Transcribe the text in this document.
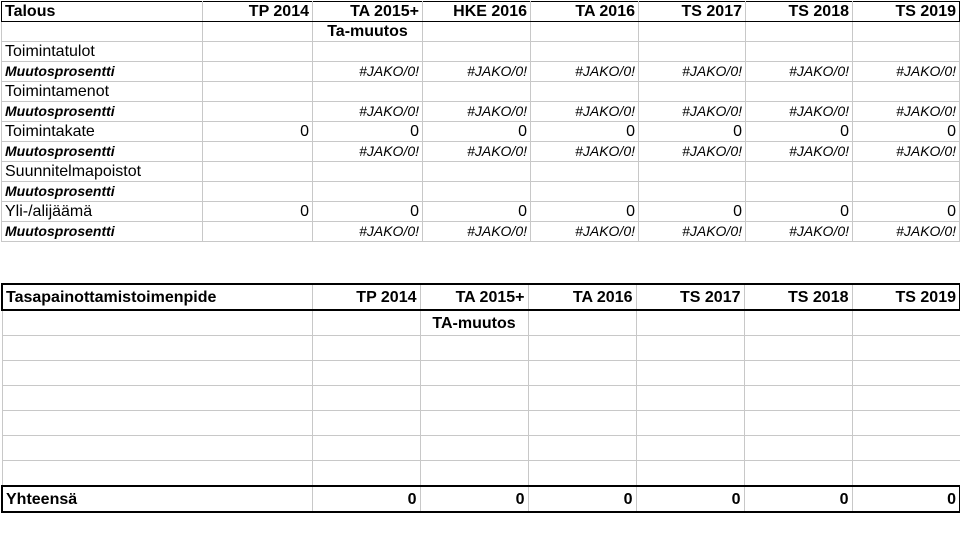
Talous	TP 2014	TA 2015+	HKE 2016	TA 2016	TS 2017	TS 2018	TS 2019
		Ta-muutos					
Toimintatulot							
Muutosprosentti		#JAKO/0!	#JAKO/0!	#JAKO/0!	#JAKO/0!	#JAKO/0!	#JAKO/0!
Toimintamenot							
Muutosprosentti		#JAKO/0!	#JAKO/0!	#JAKO/0!	#JAKO/0!	#JAKO/0!	#JAKO/0!
Toimintakate	0	0	0	0	0	0	0
Muutosprosentti		#JAKO/0!	#JAKO/0!	#JAKO/0!	#JAKO/0!	#JAKO/0!	#JAKO/0!
Suunnitelmapoistot							
Muutosprosentti							
Yli-/alijäämä	0	0	0	0	0	0	0
Muutosprosentti		#JAKO/0!	#JAKO/0!	#JAKO/0!	#JAKO/0!	#JAKO/0!	#JAKO/0!
Tasapainottamistoimenpide	TP 2014	TA 2015+	TA 2016	TS 2017	TS 2018	TS 2019
		TA-muutos				

Yhteensä	0	0	0	0	0	0
